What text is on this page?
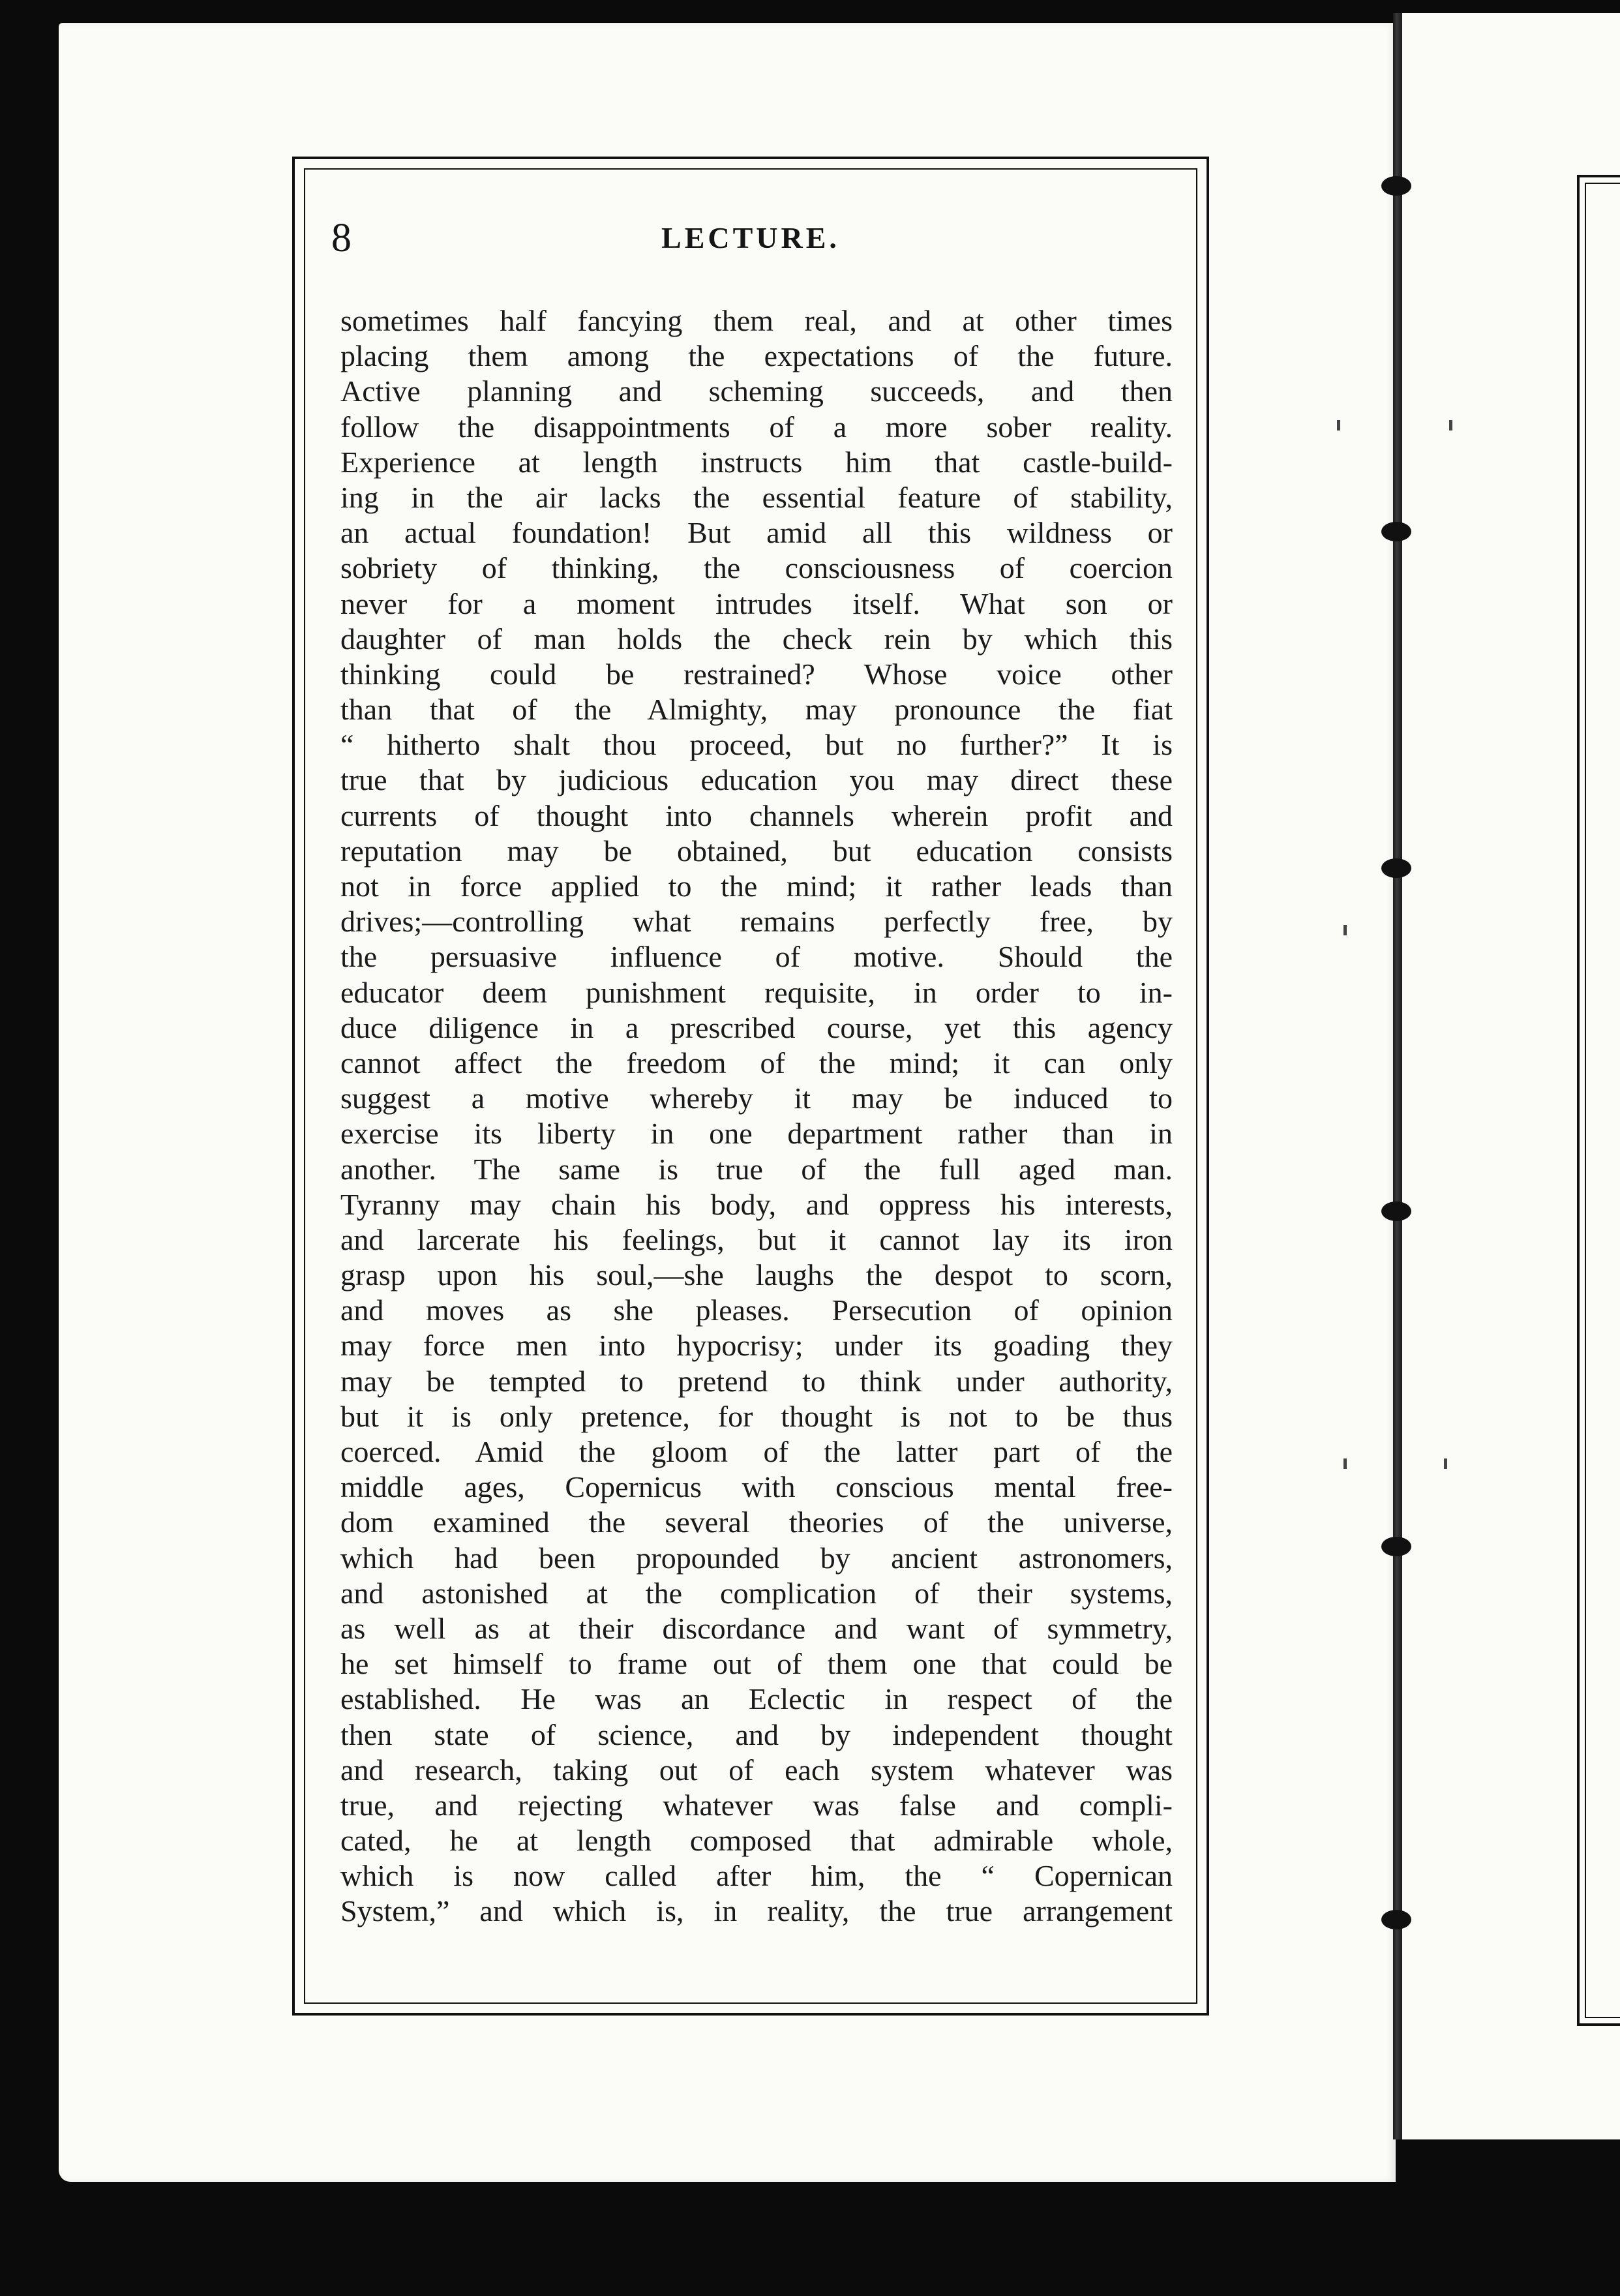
8	LECTURE.
sometimes half fancying them real, and at other times
placing them among the expectations of the future.
Active planning and scheming succeeds, and then
follow the disappointments of a more sober reality.
Experience at length instructs him that castle-build-
ing in the air lacks the essential feature of stability,
an actual foundation! But amid all this wildness or
sobriety of thinking, the consciousness of coercion
never for a moment intrudes itself. What son or
daughter of man holds the check rein by which this
thinking could be restrained? Whose voice other
than that of the Almighty, may pronounce the fiat
“ hitherto shalt thou proceed, but no further?” It is
true that by judicious education you may direct these
currents of thought into channels wherein profit and
reputation may be obtained, but education consists
not in force applied to the mind; it rather leads than
drives;—controlling what remains perfectly free, by
the persuasive influence of motive. Should the
educator deem punishment requisite, in order to in-
duce diligence in a prescribed course, yet this agency
cannot affect the freedom of the mind; it can only
suggest a motive whereby it may be induced to
exercise its liberty in one department rather than in
another. The same is true of the full aged man.
Tyranny may chain his body, and oppress his interests,
and larcerate his feelings, but it cannot lay its iron
grasp upon his soul,—she laughs the despot to scorn,
and moves as she pleases. Persecution of opinion
may force men into hypocrisy; under its goading they
may be tempted to pretend to think under authority,
but it is only pretence, for thought is not to be thus
coerced. Amid the gloom of the latter part of the
middle ages, Copernicus with conscious mental free-
dom examined the several theories of the universe,
which had been propounded by ancient astronomers,
and astonished at the complication of their systems,
as well as at their discordance and want of symmetry,
he set himself to frame out of them one that could be
established. He was an Eclectic in respect of the
then state of science, and by independent thought
and research, taking out of each system whatever was
true, and rejecting whatever was false and compli-
cated, he at length composed that admirable whole,
which is now called after him, the “ Copernican
System,” and which is, in reality, the true arrangement
